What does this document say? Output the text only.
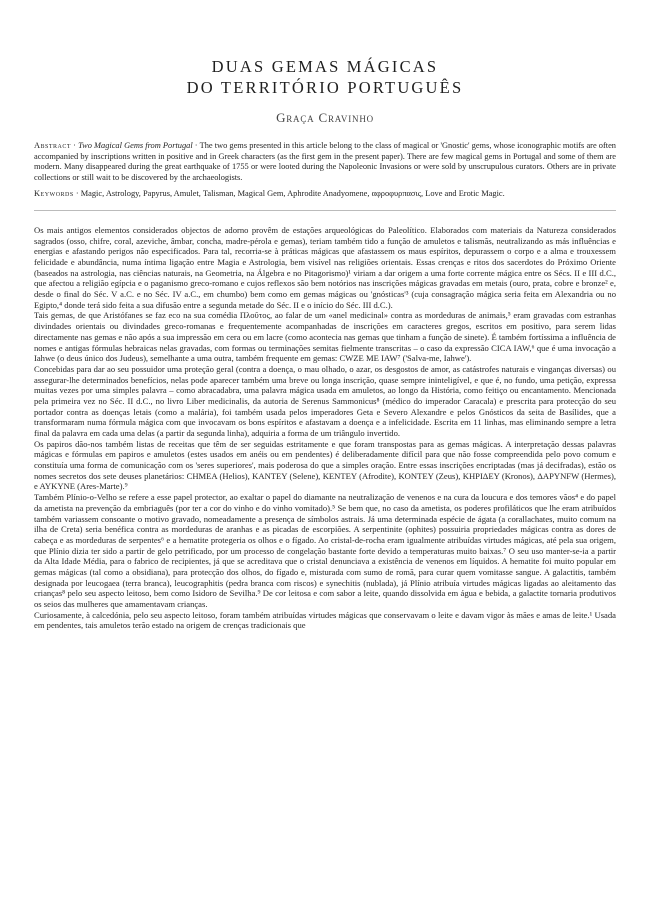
DUAS GEMAS MÁGICAS
DO TERRITÓRIO PORTUGUÊS
Graça Cravinho

Abstract · Two Magical Gems from Portugal · The two gems presented in this article belong to the class of magical or 'Gnostic' gems, whose iconographic motifs are often accompanied by inscriptions written in positive and in Greek characters (as the first gem in the present paper). There are few magical gems in Portugal and some of them are modern. Many disappeared during the great earthquake of 1755 or were looted during the Napoleonic Invasions or were sold by unscrupulous curators. Others are in private collections or still wait to be discovered by the archaeologists.

Keywords · Magic, Astrology, Papyrus, Amulet, Talisman, Magical Gem, Aphrodite Anadyomene, αφροφυρπασις, Love and Erotic Magic.

Os mais antigos elementos considerados objectos de adorno provêm de estações arqueológicas do Paleolítico. Elaborados com materiais da Natureza considerados sagrados (osso, chifre, coral, azeviche, âmbar, concha, madre-pérola e gemas), teriam também tido a função de amuletos e talismãs, neutralizando as más influências e energias e afastando perigos não especificados. Para tal, recorria-se à práticas mágicas que afastassem os maus espíritos, depurassem o corpo e a alma e trouxessem felicidade e abundância, numa íntima ligação entre Magia e Astrologia, bem visível nas religiões orientais. Essas crenças e ritos dos sacerdotes do Próximo Oriente (baseados na astrologia, nas ciências naturais, na Geometria, na Álgebra e no Pitagorismo)¹ viriam a dar origem a uma forte corrente mágica entre os Sécs. II e III d.C., que afectou a religião egípcia e o paganismo greco-romano e cujos reflexos são bem notórios nas inscrições mágicas gravadas em metais (ouro, prata, cobre e bronze² e, desde o final do Séc. V a.C. e no Séc. IV a.C., em chumbo) bem como em gemas mágicas ou 'gnósticas'³ (cuja consagração mágica seria feita em Alexandria ou no Egipto,⁴ donde terá sido feita a sua difusão entre a segunda metade do Séc. II e o início do Séc. III d.C.).

Tais gemas, de que Aristófanes se faz eco na sua comédia Πλοῦτος, ao falar de um «anel medicinal» contra as mordeduras de animais,⁵ eram gravadas com estranhas divindades orientais ou divindades greco-romanas e frequentemente acompanhadas de inscrições em caracteres gregos, escritos em positivo, para serem lidas directamente nas gemas e não após a sua impressão em cera ou em lacre (como acontecia nas gemas que tinham a função de sinete). É também fortíssima a influência de nomes e antigas fórmulas hebraicas nelas gravadas, com formas ou terminações semitas fielmente transcritas – o caso da expressão CICA IAW,⁶ que é uma invocação a Iahwe (o deus único dos Judeus), semelhante a uma outra, também frequente em gemas: CWZE ME IAW⁷ ('Salva-me, Iahwe').

Concebidas para dar ao seu possuidor uma proteção geral (contra a doença, o mau olhado, o azar, os desgostos de amor, as catástrofes naturais e vinganças diversas) ou assegurar-lhe determinados benefícios, nelas pode aparecer também uma breve ou longa inscrição, quase sempre ininteligível, e que é, no fundo, uma petição, expressa muitas vezes por uma simples palavra – como abracadabra, uma palavra mágica usada em amuletos, ao longo da História, como feitiço ou encantamento. Mencionada pela primeira vez no Séc. II d.C., no livro Liber medicinalis, da autoria de Serenus Sammonicus⁸ (médico do imperador Caracala) e prescrita para protecção do seu portador contra as doenças letais (como a malária), foi também usada pelos imperadores Geta e Severo Alexandre e pelos Gnósticos da seita de Basílides, que a transformaram numa fórmula mágica com que invocavam os bons espíritos e afastavam a doença e a infelicidade. Escrita em 11 linhas, mas eliminando sempre a letra final da palavra em cada uma delas (a partir da segunda linha), adquiria a forma de um triângulo invertido.

Os papiros dão-nos também listas de receitas que têm de ser seguidas estritamente e que foram transpostas para as gemas mágicas. A interpretação dessas palavras mágicas e fórmulas em papiros e amuletos (estes usados em anéis ou em pendentes) é deliberadamente difícil para que não fosse compreendida pelo povo comum e constituía uma forma de comunicação com os 'seres superiores', mais poderosa do que a simples oração. Entre essas inscrições encriptadas (mas já decifradas), estão os nomes secretos dos sete deuses planetários: CHMEA (Helios), KANTEY (Selene), KENTEY (Afrodite), KONTEY (Zeus), KHPIΔEY (Kronos), ΔAPYNFW (Hermes), e AYKYNE (Ares-Marte).⁹

Também Plínio-o-Velho se refere a esse papel protector, ao exaltar o papel do diamante na neutralização de venenos e na cura da loucura e dos temores vãos⁴ e do papel da ametista na prevenção da embriaguês (por ter a cor do vinho e do vinho vomitado).⁵ Se bem que, no caso da ametista, os poderes profiláticos que lhe eram atribuídos também variassem consoante o motivo gravado, nomeadamente a presença de símbolos astrais. Já uma determinada espécie de ágata (a corallachates, muito comum na ilha de Creta) seria benéfica contra as mordeduras de aranhas e as picadas de escorpiões. A serpentinite (ophites) possuiria propriedades mágicas contra as dores de cabeça e as mordeduras de serpentes⁶ e a hematite protegeria os olhos e o fígado. Ao cristal-de-rocha eram igualmente atribuídas virtudes mágicas, até pela sua origem, que Plínio dizia ter sido a partir de gelo petrificado, por um processo de congelação bastante forte devido a temperaturas muito baixas.⁷ O seu uso manter-se-ia a partir da Alta Idade Média, para o fabrico de recipientes, já que se acreditava que o cristal denunciava a existência de venenos em líquidos. A hematite foi muito popular em gemas mágicas (tal como a obsidiana), para protecção dos olhos, do fígado e, misturada com sumo de romã, para curar quem vomitasse sangue. A galactitis, também designada por leucogaea (terra branca), leucographitis (pedra branca com riscos) e synechitis (nublada), já Plínio atribuía virtudes mágicas ligadas ao aleitamento das crianças⁸ pelo seu aspecto leitoso, bem como Isidoro de Sevilha.⁹ De cor leitosa e com sabor a leite, quando dissolvida em água e bebida, a galactite tornaria produtivos os seios das mulheres que amamentavam crianças.

Curiosamente, à calcedónia, pelo seu aspecto leitoso, foram também atribuídas virtudes mágicas que conservavam o leite e davam vigor às mães e amas de leite.¹ Usada em pendentes, tais amuletos terão estado na origem de crenças tradicionais que
